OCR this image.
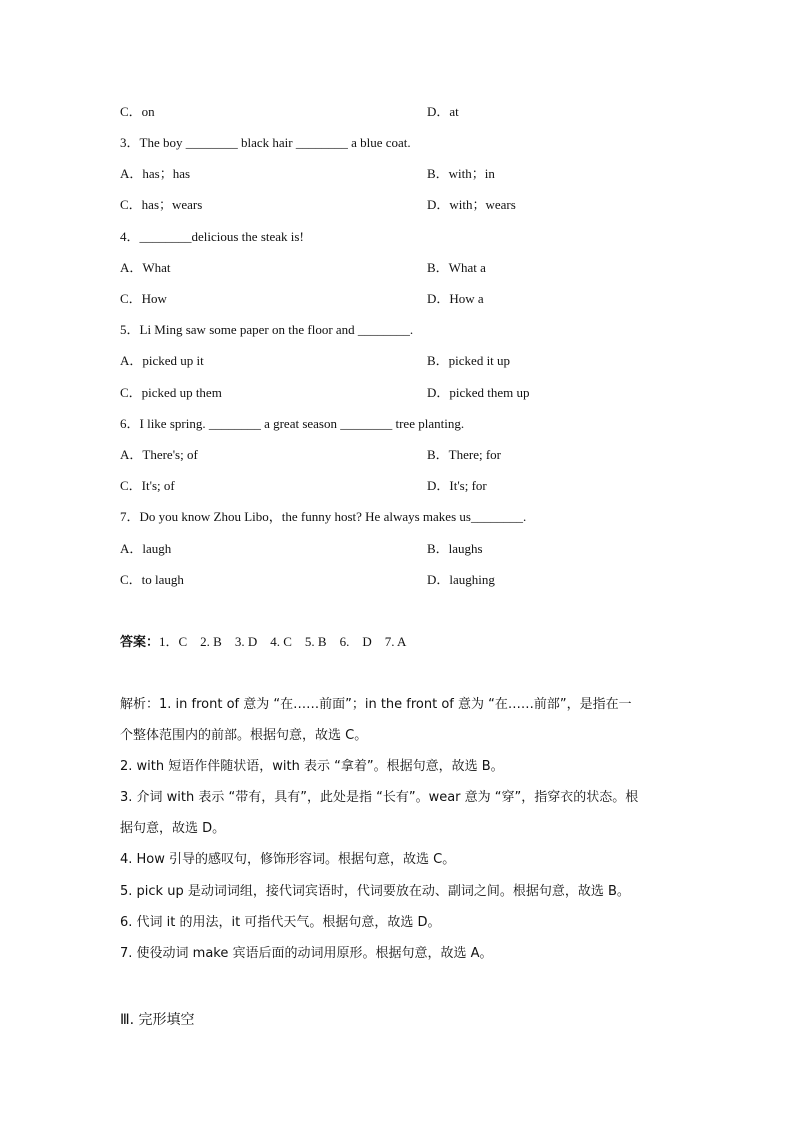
C．on	D．at
3．The boy ________ black hair ________ a blue coat.
A．has；has	B．with；in
C．has；wears	D．with；wears
4．________delicious the steak is!
A．What	B．What a
C．How	D．How a
5．Li Ming saw some paper on the floor and ________.
A．picked up it	B．picked it up
C．picked up them	D．picked them up
6．I like spring. ________ a great season ________ tree planting.
A．There's; of	B．There; for
C．It's; of	D．It's; for
7．Do you know Zhou Libo，the funny host? He always makes us________.
A．laugh	B．laughs
C．to laugh	D．laughing
答案：1．C    2. B    3. D    4. C    5. B    6.    D    7. A
解析：1. in front of 意为 “在……前面”；in the front of 意为 “在……前部”，是指在一
个整体范围内的前部。根据句意，故选 C。
2. with 短语作伴随状语，with 表示 “拿着”。根据句意，故选 B。
3. 介词 with 表示 “带有，具有”，此处是指 “长有”。wear 意为 “穿”，指穿衣的状态。根
据句意，故选 D。
4. How 引导的感叹句，修饰形容词。根据句意，故选 C。
5. pick up 是动词词组，接代词宾语时，代词要放在动、副词之间。根据句意，故选 B。
6. 代词 it 的用法，it 可指代天气。根据句意，故选 D。
7. 使役动词 make 宾语后面的动词用原形。根据句意，故选 A。
Ⅲ. 完形填空
